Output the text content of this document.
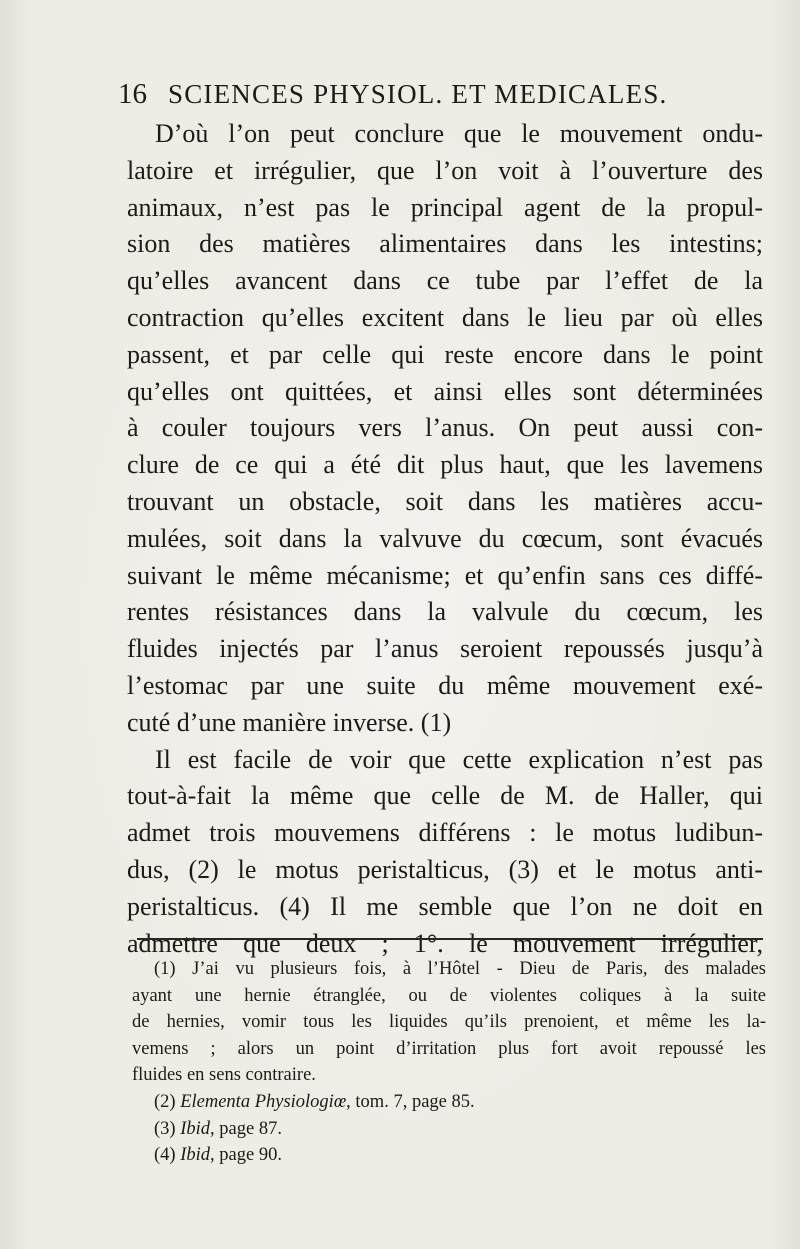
16 SCIENCES PHYSIOL. ET MEDICALES.
D’où l’on peut conclure que le mouvement ondu-
latoire et irrégulier, que l’on voit à l’ouverture des
animaux, n’est pas le principal agent de la propul-
sion des matières alimentaires dans les intestins;
qu’elles avancent dans ce tube par l’effet de la
contraction qu’elles excitent dans le lieu par où elles
passent, et par celle qui reste encore dans le point
qu’elles ont quittées, et ainsi elles sont déterminées
à couler toujours vers l’anus. On peut aussi con-
clure de ce qui a été dit plus haut, que les lavemens
trouvant un obstacle, soit dans les matières accu-
mulées, soit dans la valvuve du cœcum, sont évacués
suivant le même mécanisme; et qu’enfin sans ces diffé-
rentes résistances dans la valvule du cœcum, les
fluides injectés par l’anus seroient repoussés jusqu’à
l’estomac par une suite du même mouvement exé-
cuté d’une manière inverse. (1)
Il est facile de voir que cette explication n’est pas
tout-à-fait la même que celle de M. de Haller, qui
admet trois mouvemens différens : le motus ludibun-
dus, (2) le motus peristalticus, (3) et le motus anti-
peristalticus. (4) Il me semble que l’on ne doit en
admettre que deux ; 1°. le mouvement irrégulier,
(1) J’ai vu plusieurs fois, à l’Hôtel - Dieu de Paris, des malades
ayant une hernie étranglée, ou de violentes coliques à la suite
de hernies, vomir tous les liquides qu’ils prenoient, et même les la-
vemens ; alors un point d’irritation plus fort avoit repoussé les
fluides en sens contraire.
(2) Elementa Physiologiœ, tom. 7, page 85.
(3) Ibid, page 87.
(4) Ibid, page 90.
